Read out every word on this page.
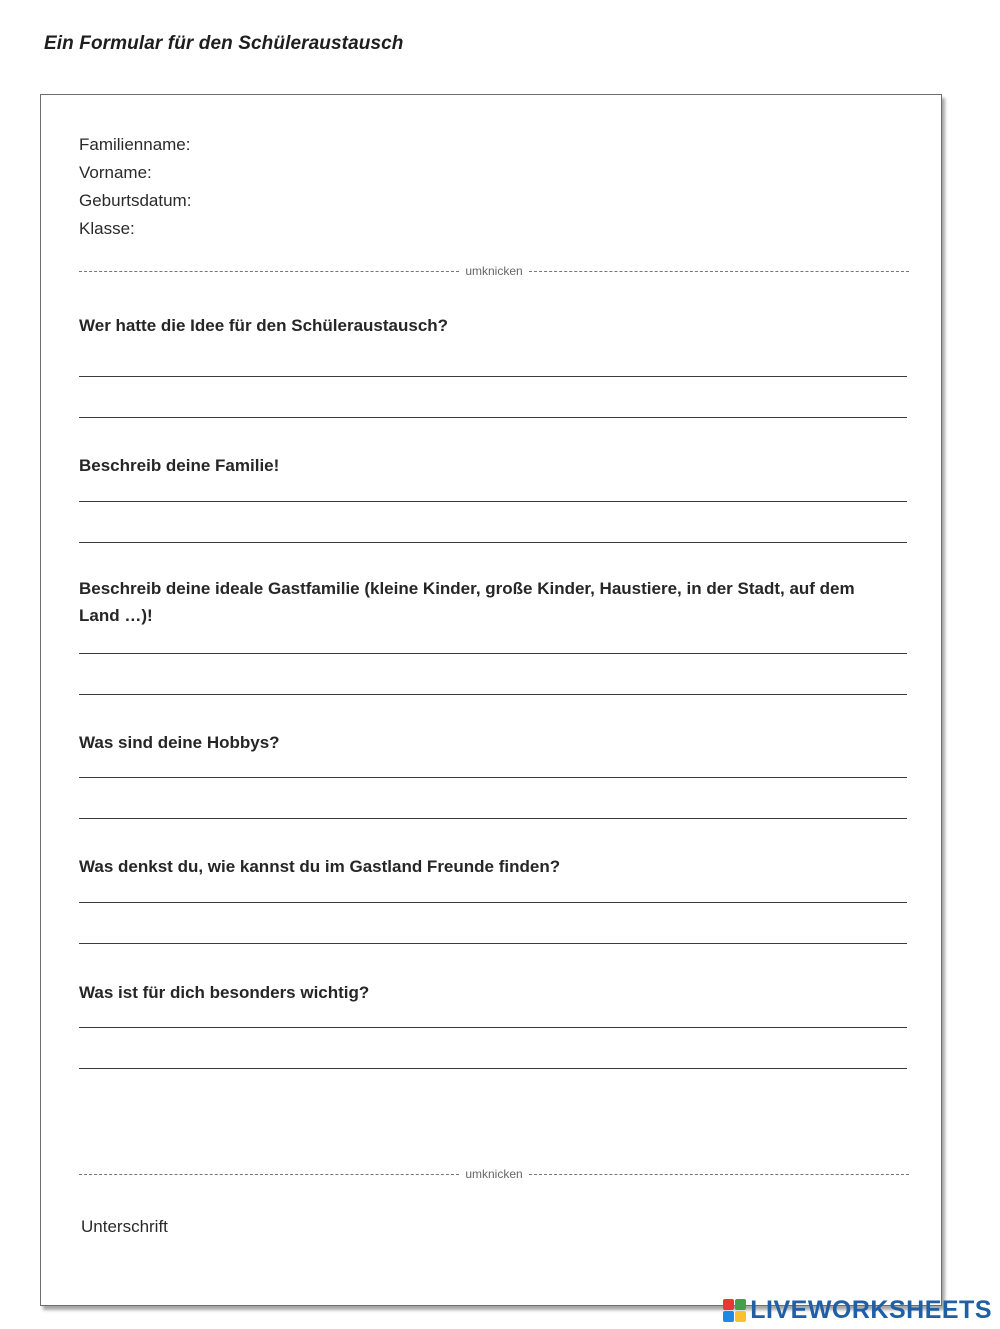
Ein Formular für den Schüleraustausch
Familienname:
Vorname:
Geburtsdatum:
Klasse:
umknicken
Wer hatte die Idee für den Schüleraustausch?
Beschreib deine Familie!
Beschreib deine ideale Gastfamilie (kleine Kinder, große Kinder, Haustiere, in der Stadt, auf dem Land …)!
Was sind deine Hobbys?
Was denkst du, wie kannst du im Gastland Freunde finden?
Was ist für dich besonders wichtig?
umknicken
Unterschrift
LIVEWORKSHEETS
